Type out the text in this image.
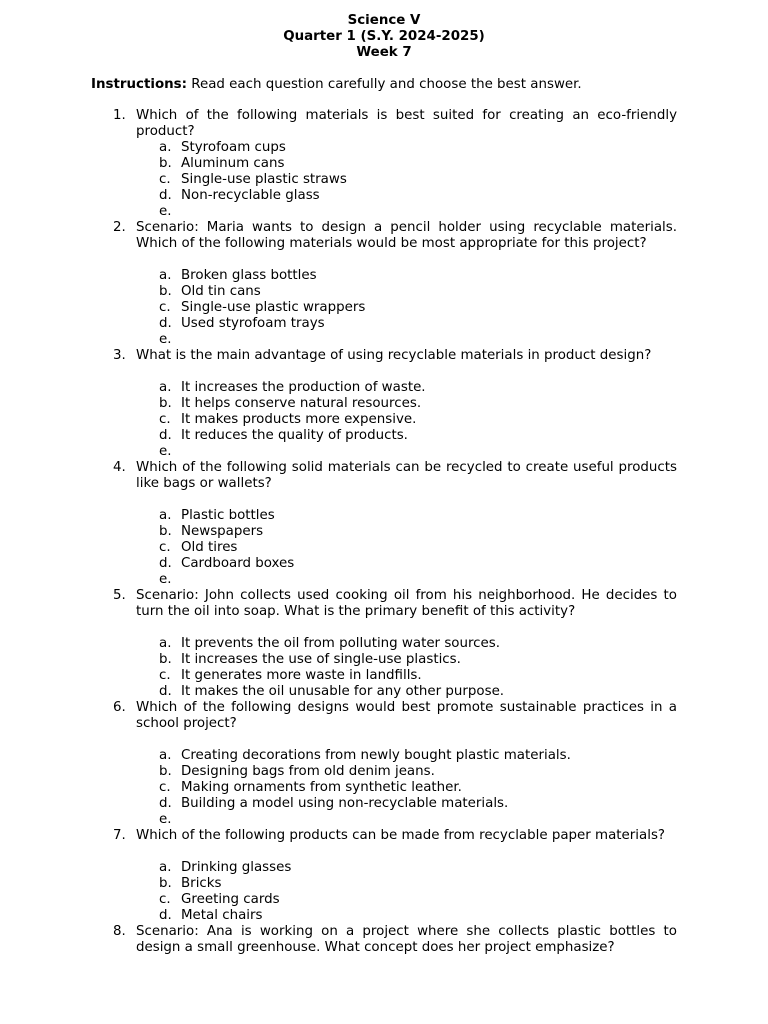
Science V
Quarter 1 (S.Y. 2024-2025)
Week 7
Instructions: Read each question carefully and choose the best answer.
1. Which of the following materials is best suited for creating an eco-friendly product?
a. Styrofoam cups
b. Aluminum cans
c. Single-use plastic straws
d. Non-recyclable glass
e.
2. Scenario: Maria wants to design a pencil holder using recyclable materials. Which of the following materials would be most appropriate for this project?
a. Broken glass bottles
b. Old tin cans
c. Single-use plastic wrappers
d. Used styrofoam trays
e.
3. What is the main advantage of using recyclable materials in product design?
a. It increases the production of waste.
b. It helps conserve natural resources.
c. It makes products more expensive.
d. It reduces the quality of products.
e.
4. Which of the following solid materials can be recycled to create useful products like bags or wallets?
a. Plastic bottles
b. Newspapers
c. Old tires
d. Cardboard boxes
e.
5. Scenario: John collects used cooking oil from his neighborhood. He decides to turn the oil into soap. What is the primary benefit of this activity?
a. It prevents the oil from polluting water sources.
b. It increases the use of single-use plastics.
c. It generates more waste in landfills.
d. It makes the oil unusable for any other purpose.
6. Which of the following designs would best promote sustainable practices in a school project?
a. Creating decorations from newly bought plastic materials.
b. Designing bags from old denim jeans.
c. Making ornaments from synthetic leather.
d. Building a model using non-recyclable materials.
e.
7. Which of the following products can be made from recyclable paper materials?
a. Drinking glasses
b. Bricks
c. Greeting cards
d. Metal chairs
8. Scenario: Ana is working on a project where she collects plastic bottles to design a small greenhouse. What concept does her project emphasize?
